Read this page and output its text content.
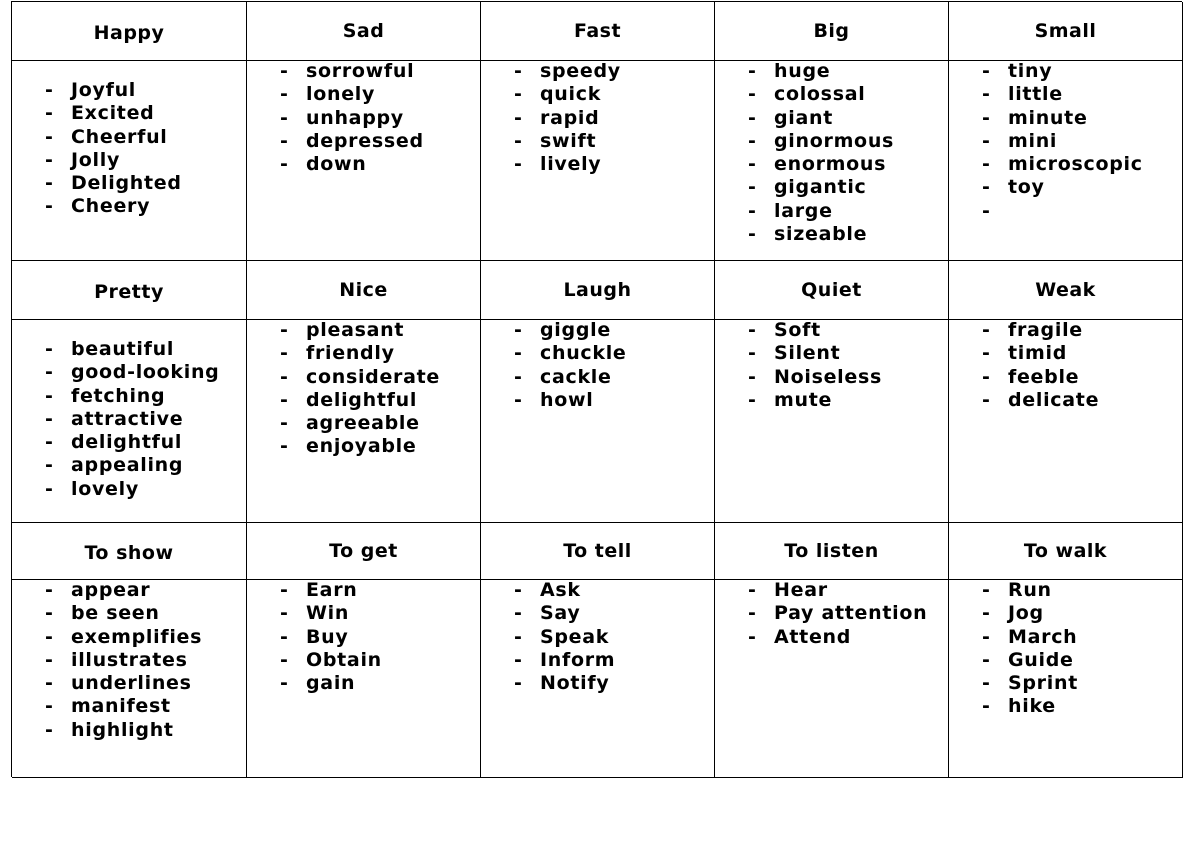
Happy
- Joyful
- Excited
- Cheerful
- Jolly
- Delighted
- Cheery
Sad
- sorrowful
- lonely
- unhappy
- depressed
- down
Fast
- speedy
- quick
- rapid
- swift
- lively
Big
- huge
- colossal
- giant
- ginormous
- enormous
- gigantic
- large
- sizeable
Small
- tiny
- little
- minute
- mini
- microscopic
- toy
Pretty
- beautiful
- good-looking
- fetching
- attractive
- delightful
- appealing
- lovely
Nice
- pleasant
- friendly
- considerate
- delightful
- agreeable
- enjoyable
Laugh
- giggle
- chuckle
- cackle
- howl
Quiet
- Soft
- Silent
- Noiseless
- mute
Weak
- fragile
- timid
- feeble
- delicate
To show
- appear
- be seen
- exemplifies
- illustrates
- underlines
- manifest
- highlight
To get
- Earn
- Win
- Buy
- Obtain
- gain
To tell
- Ask
- Say
- Speak
- Inform
- Notify
To listen
- Hear
- Pay attention
- Attend
To walk
- Run
- Jog
- March
- Guide
- Sprint
- hike
